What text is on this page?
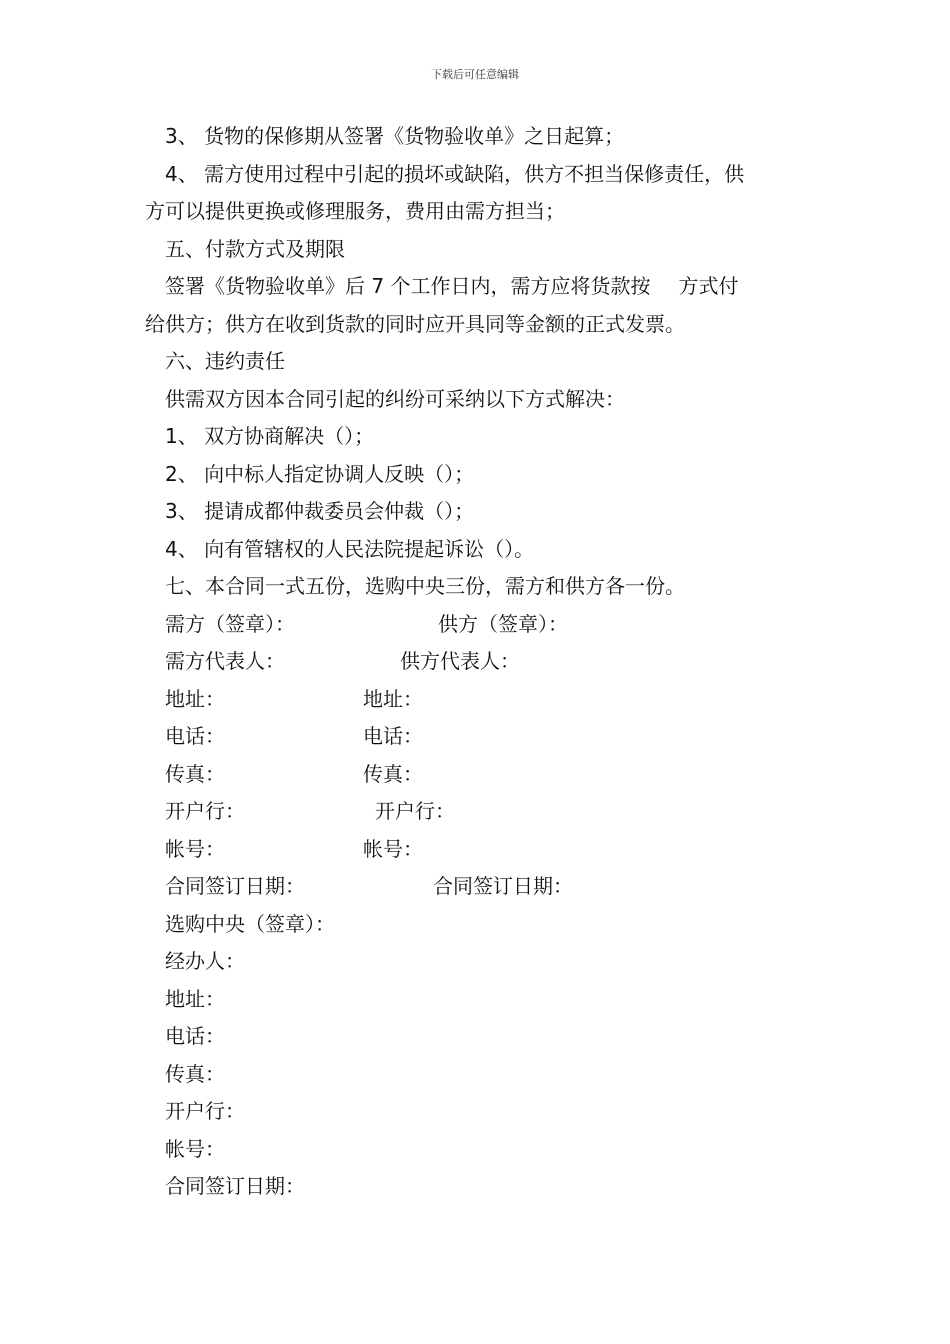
下载后可任意编辑
3、 货物的保修期从签署《货物验收单》之日起算；
4、 需方使用过程中引起的损坏或缺陷，供方不担当保修责任，供
方可以提供更换或修理服务，费用由需方担当；
五、付款方式及期限
签署《货物验收单》后 7 个工作日内，需方应将货款按 方式付
给供方；供方在收到货款的同时应开具同等金额的正式发票。
六、违约责任
供需双方因本合同引起的纠纷可采纳以下方式解决：
1、 双方协商解决（）；
2、 向中标人指定协调人反映（）；
3、 提请成都仲裁委员会仲裁（）；
4、 向有管辖权的人民法院提起诉讼（）。
七、本合同一式五份，选购中央三份，需方和供方各一份。
需方（签章）：	供方（签章）：
需方代表人：	供方代表人：
地址：	地址：
电话：	电话：
传真：	传真：
开户行：	开户行：
帐号：	帐号：
合同签订日期：	合同签订日期：
选购中央（签章）：
经办人：
地址：
电话：
传真：
开户行：
帐号：
合同签订日期：
